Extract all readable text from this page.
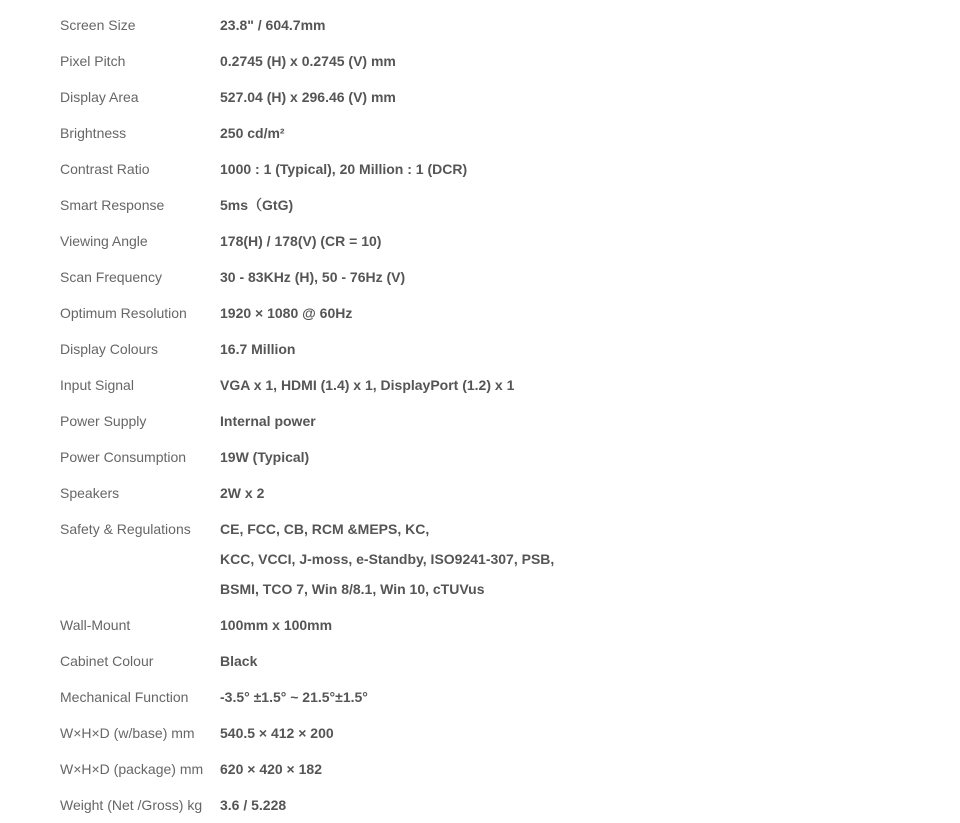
Screen Size	23.8" / 604.7mm
Pixel Pitch	0.2745 (H) x 0.2745 (V) mm
Display Area	527.04 (H) x 296.46 (V) mm
Brightness	250 cd/m²
Contrast Ratio	1000 : 1 (Typical), 20 Million : 1 (DCR)
Smart Response	5ms（GtG)
Viewing Angle	178(H) / 178(V) (CR = 10)
Scan Frequency	30 - 83KHz (H), 50 - 76Hz (V)
Optimum Resolution	1920 × 1080 @ 60Hz
Display Colours	16.7 Million
Input Signal	VGA x 1, HDMI (1.4) x 1, DisplayPort (1.2) x 1
Power Supply	Internal power
Power Consumption	19W (Typical)
Speakers	2W x 2
Safety & Regulations	CE, FCC, CB, RCM &MEPS, KC,
KCC, VCCI, J-moss, e-Standby, ISO9241-307, PSB,
BSMI, TCO 7, Win 8/8.1, Win 10, cTUVus
Wall-Mount	100mm x 100mm
Cabinet Colour	Black
Mechanical Function	-3.5° ±1.5° ~ 21.5°±1.5°
W×H×D (w/base) mm	540.5 × 412 × 200
W×H×D (package) mm	620 × 420 × 182
Weight (Net /Gross) kg	3.6 / 5.228
